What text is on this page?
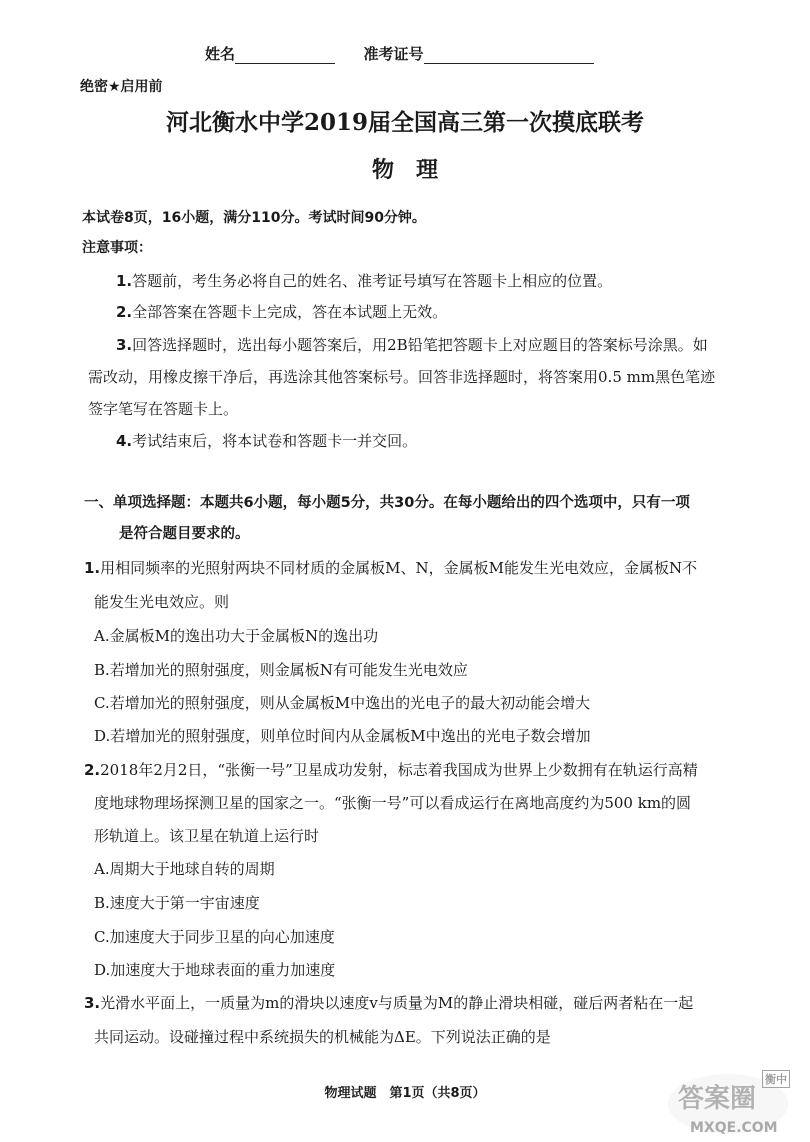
姓名	准考证号
绝密★启用前
河北衡水中学2019届全国高三第一次摸底联考
物　理
本试卷8页，16小题，满分110分。考试时间90分钟。
注意事项：
1.答题前，考生务必将自己的姓名、准考证号填写在答题卡上相应的位置。
2.全部答案在答题卡上完成，答在本试题上无效。
3.回答选择题时，选出每小题答案后，用2B铅笔把答题卡上对应题目的答案标号涂黑。如
需改动，用橡皮擦干净后，再选涂其他答案标号。回答非选择题时，将答案用0.5 mm黑色笔迹
签字笔写在答题卡上。
4.考试结束后，将本试卷和答题卡一并交回。
一、单项选择题：本题共6小题，每小题5分，共30分。在每小题给出的四个选项中，只有一项
是符合题目要求的。
1.用相同频率的光照射两块不同材质的金属板M、N，金属板M能发生光电效应，金属板N不
能发生光电效应。则
A.金属板M的逸出功大于金属板N的逸出功
B.若增加光的照射强度，则金属板N有可能发生光电效应
C.若增加光的照射强度，则从金属板M中逸出的光电子的最大初动能会增大
D.若增加光的照射强度，则单位时间内从金属板M中逸出的光电子数会增加
2.2018年2月2日，“张衡一号”卫星成功发射，标志着我国成为世界上少数拥有在轨运行高精
度地球物理场探测卫星的国家之一。“张衡一号”可以看成运行在离地高度约为500 km的圆
形轨道上。该卫星在轨道上运行时
A.周期大于地球自转的周期
B.速度大于第一宇宙速度
C.加速度大于同步卫星的向心加速度
D.加速度大于地球表面的重力加速度
3.光滑水平面上，一质量为m的滑块以速度v与质量为M的静止滑块相碰，碰后两者粘在一起
共同运动。设碰撞过程中系统损失的机械能为ΔE。下列说法正确的是
物理试题　第1页（共8页）
衡中
答案圈
MXQE.COM
